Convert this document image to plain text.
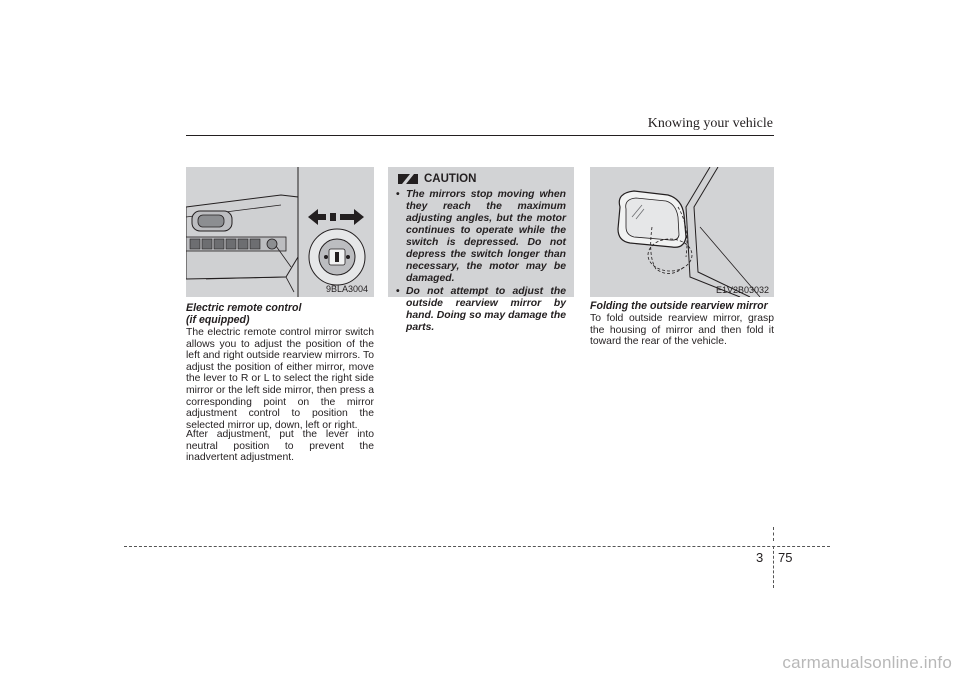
Knowing your vehicle
9BLA3004
Electric remote control
(if equipped)

The electric remote control mirror switch allows you to adjust the position of the left and right outside rearview mirrors. To adjust the position of either mirror, move the lever to R or L to select the right side mirror or the left side mirror, then press a corresponding point on the mirror adjustment control to position the selected mirror up, down, left or right.

After adjustment, put the lever into neutral position to prevent the inadvertent adjustment.

CAUTION
• The mirrors stop moving when they reach the maximum adjusting angles, but the motor continues to operate while the switch is depressed. Do not depress the switch longer than necessary, the motor may be damaged.
• Do not attempt to adjust the outside rearview mirror by hand. Doing so may damage the parts.
E1V2B03032
Folding the outside rearview mirror

To fold outside rearview mirror, grasp the housing of mirror and then fold it toward the rear of the vehicle.

3 75
carmanualsonline.info
